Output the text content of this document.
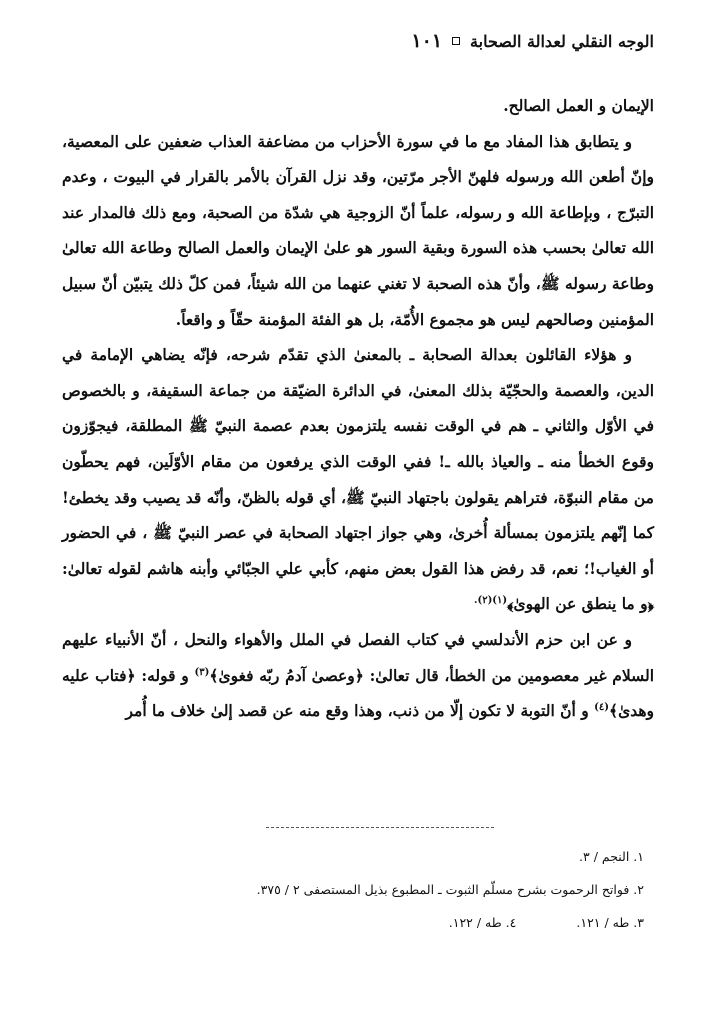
الوجه النقلي لعدالة الصحابة
١٠١

الإيمان و العمل الصالح.

و يتطابق هذا المفاد مع ما في سورة الأحزاب من مضاعفة العذاب ضعفين على المعصية، وإنّ أطعن الله ورسوله فلهنّ الأجر مرّتين، وقد نزل القرآن بالأمر بالقرار في البيوت ، وعدم التبرّج ، وبإطاعة الله و رسوله، علماً أنّ الزوجية هي شدّة من الصحبة، ومع ذلك فالمدار عند الله تعالىٰ بحسب هذه السورة وبقية السور هو علىٰ الإيمان والعمل الصالح وطاعة الله تعالىٰ وطاعة رسوله ﷺ، وأنّ هذه الصحبة لا تغني عنهما من الله شيئاً، فمن كلّ ذلك يتبيّن أنّ سبيل المؤمنين وصالحهم ليس هو مجموع الأُمّة، بل هو الفئة المؤمنة حقّاً و واقعاً.

و هؤلاء القائلون بعدالة الصحابة ـ بالمعنىٰ الذي تقدّم شرحه، فإنّه يضاهي الإمامة في الدين، والعصمة والحجّيّة بذلك المعنىٰ، في الدائرة الضيّقة من جماعة السقيفة، و بالخصوص في الأوّل والثاني ـ هم في الوقت نفسه يلتزمون بعدم عصمة النبيّ ﷺ المطلقة، فيجوّزون وقوع الخطأ منه ـ والعياذ بالله ـ! ففي الوقت الذي يرفعون من مقام الأوّلَين، فهم يحطّون من مقام النبوّة، فتراهم يقولون باجتهاد النبيّ ﷺ، أي قوله بالظنّ، وأنّه قد يصيب وقد يخطئ!كما إنّهم يلتزمون بمسألة أُخرىٰ، وهي جواز اجتهاد الصحابة في عصر النبيّ ﷺ ، في الحضور أو الغياب!؛ نعم، قد رفض هذا القول بعض منهم، كأبي علي الجبّائي وأبنه هاشم لقوله تعالىٰ: ﴿و ما ينطق عن الهوىٰ﴾$^{(١)(٢).}$

و عن ابن حزم الأندلسي في كتاب الفصل في الملل والأهواء والنحل ، أنّ الأنبياء عليهم السلام غير معصومين من الخطأ، قال تعالىٰ: ﴿وعصىٰ آدمُ ربّه فغوىٰ﴾$^{(٣)}$ و قوله: ﴿فتاب عليه وهدىٰ﴾$^{(٤)}$ و أنّ التوبة لا تكون إلّا من ذنب، وهذا وقع منه عن قصد إلىٰ خلاف ما أُمر

١. النجم / ٣.
٢. فواتح الرحموت بشرح مسلّم الثبوت ـ المطبوع بذيل المستصفى ٢ / ٣٧٥.
٣. طه / ١٢١.
٤. طه / ١٢٢.
